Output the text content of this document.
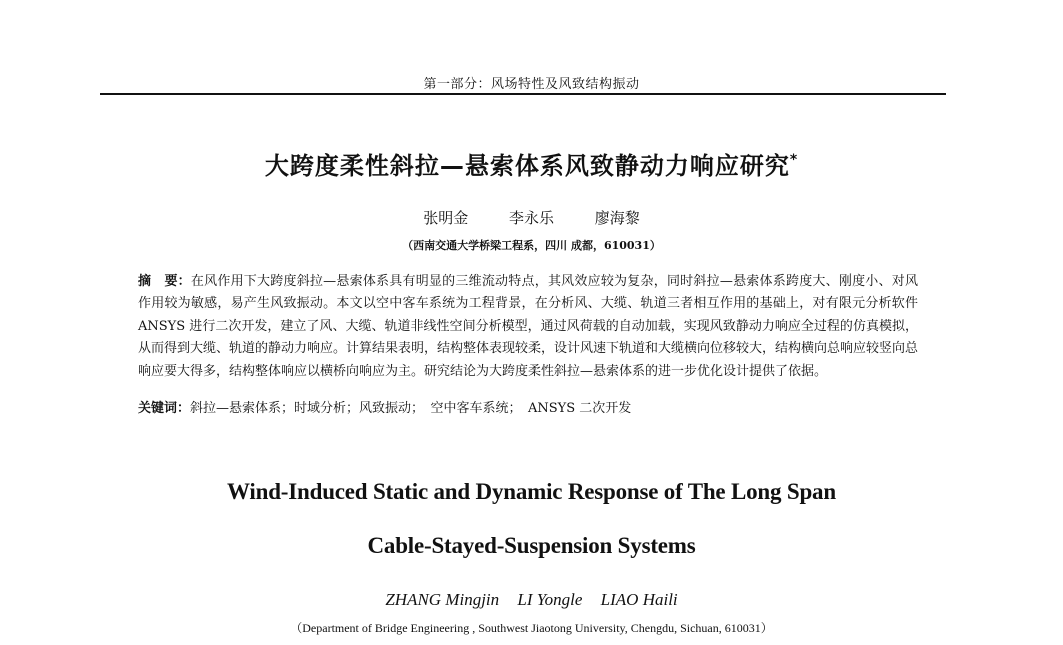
第一部分：风场特性及风致结构振动
大跨度柔性斜拉—悬索体系风致静动力响应研究*
张明金	李永乐	廖海黎
（西南交通大学桥梁工程系，四川 成都，610031）
摘　要：在风作用下大跨度斜拉—悬索体系具有明显的三维流动特点，其风效应较为复杂，同时斜拉—悬索体系跨度大、刚度小、对风作用较为敏感，易产生风致振动。本文以空中客车系统为工程背景，在分析风、大缆、轨道三者相互作用的基础上，对有限元分析软件 ANSYS 进行二次开发，建立了风、大缆、轨道非线性空间分析模型，通过风荷载的自动加载，实现风致静动力响应全过程的仿真模拟，从而得到大缆、轨道的静动力响应。计算结果表明，结构整体表现较柔，设计风速下轨道和大缆横向位移较大，结构横向总响应较竖向总响应要大得多，结构整体响应以横桥向响应为主。研究结论为大跨度柔性斜拉—悬索体系的进一步优化设计提供了依据。
关键词：斜拉—悬索体系；时域分析；风致振动；　空中客车系统；　ANSYS 二次开发
Wind-Induced Static and Dynamic Response of The Long Span
Cable-Stayed-Suspension Systems
ZHANG Mingjin LI Yongle LIAO Haili
（Department of Bridge Engineering , Southwest Jiaotong University, Chengdu, Sichuan, 610031）
